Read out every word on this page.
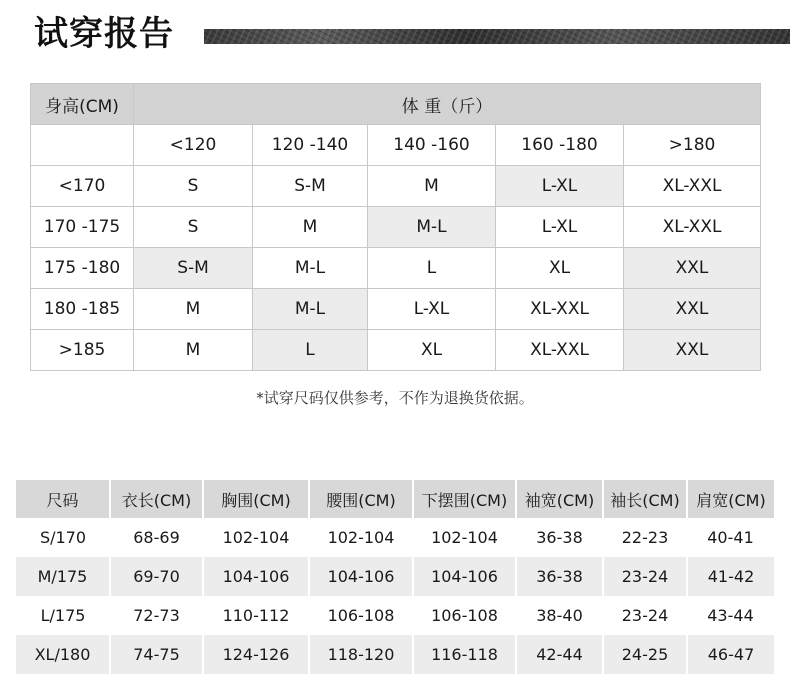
试穿报告
身高(CM)	体 重（斤）				
	<120	120 -140	140 -160	160 -180	>180
<170	S	S-M	M	L-XL	XL-XXL
170 -175	S	M	M-L	L-XL	XL-XXL
175 -180	S-M	M-L	L	XL	XXL
180 -185	M	M-L	L-XL	XL-XXL	XXL
>185	M	L	XL	XL-XXL	XXL
*试穿尺码仅供参考，不作为退换货依据。
尺码	衣长(CM)	胸围(CM)	腰围(CM)	下摆围(CM)	袖宽(CM)	袖长(CM)	肩宽(CM)
S/170	68-69	102-104	102-104	102-104	36-38	22-23	40-41
M/175	69-70	104-106	104-106	104-106	36-38	23-24	41-42
L/175	72-73	110-112	106-108	106-108	38-40	23-24	43-44
XL/180	74-75	124-126	118-120	116-118	42-44	24-25	46-47
